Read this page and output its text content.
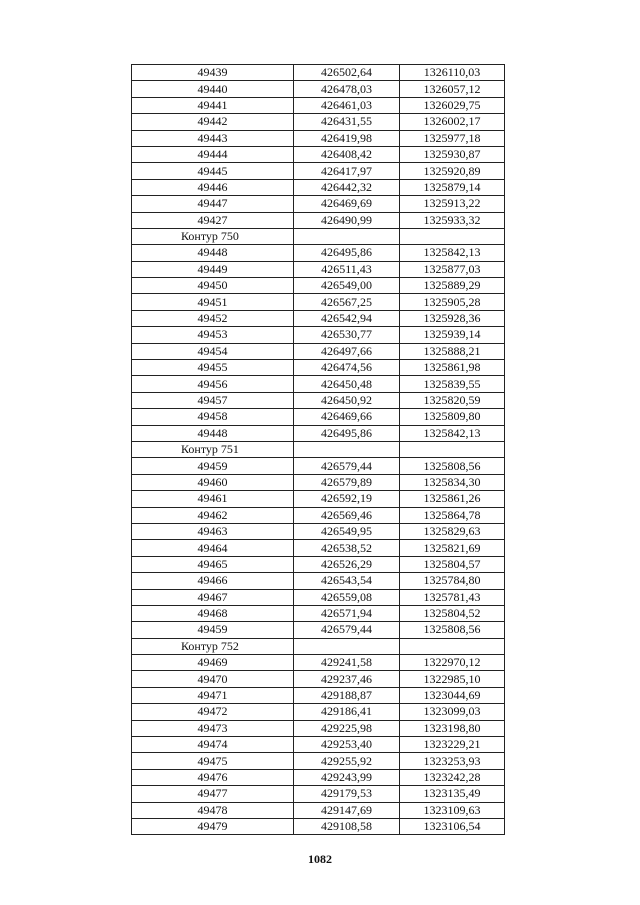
49439	426502,64	1326110,03
49440	426478,03	1326057,12
49441	426461,03	1326029,75
49442	426431,55	1326002,17
49443	426419,98	1325977,18
49444	426408,42	1325930,87
49445	426417,97	1325920,89
49446	426442,32	1325879,14
49447	426469,69	1325913,22
49427	426490,99	1325933,32
Контур 750		
49448	426495,86	1325842,13
49449	426511,43	1325877,03
49450	426549,00	1325889,29
49451	426567,25	1325905,28
49452	426542,94	1325928,36
49453	426530,77	1325939,14
49454	426497,66	1325888,21
49455	426474,56	1325861,98
49456	426450,48	1325839,55
49457	426450,92	1325820,59
49458	426469,66	1325809,80
49448	426495,86	1325842,13
Контур 751		
49459	426579,44	1325808,56
49460	426579,89	1325834,30
49461	426592,19	1325861,26
49462	426569,46	1325864,78
49463	426549,95	1325829,63
49464	426538,52	1325821,69
49465	426526,29	1325804,57
49466	426543,54	1325784,80
49467	426559,08	1325781,43
49468	426571,94	1325804,52
49459	426579,44	1325808,56
Контур 752		
49469	429241,58	1322970,12
49470	429237,46	1322985,10
49471	429188,87	1323044,69
49472	429186,41	1323099,03
49473	429225,98	1323198,80
49474	429253,40	1323229,21
49475	429255,92	1323253,93
49476	429243,99	1323242,28
49477	429179,53	1323135,49
49478	429147,69	1323109,63
49479	429108,58	1323106,54
1082
